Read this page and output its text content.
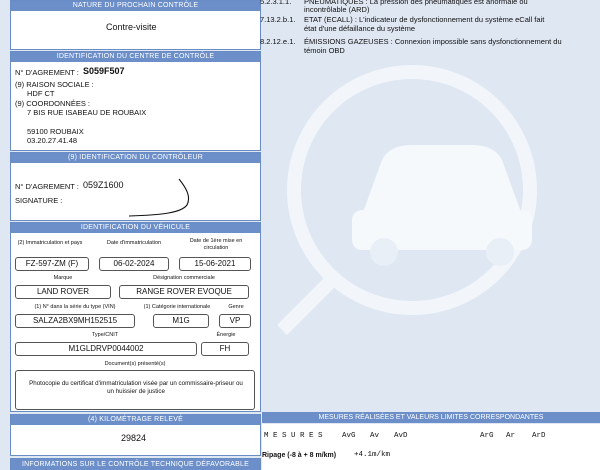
NATURE DU PROCHAIN CONTRÔLE
Contre-visite
IDENTIFICATION DU CENTRE DE CONTRÔLE
N° D'AGREMENT : S059F507
(9) RAISON SOCIALE :
HDF CT
(9) COORDONNÉES :
7 BIS RUE ISABEAU DE ROUBAIX
59100 ROUBAIX
03.20.27.41.48
(9) IDENTIFICATION DU CONTRÔLEUR
N° D'AGREMENT : 059Z1600
SIGNATURE :
IDENTIFICATION DU VÉHICULE
(2) Immatriculation et pays	Date d'immatriculation	Date de 1ère mise en circulation
FZ-597-ZM (F)	06-02-2024	15-06-2021
Marque	Désignation commerciale
LAND ROVER	RANGE ROVER EVOQUE
(1) N° dans la série du type (VIN)	(1) Catégorie internationale	Genre
SALZA2BX9MH152515	M1G	VP
Type/CNIT	Énergie
M1GLDRVP0044002	FH
Document(s) présenté(s)
Photocopie du certificat d'immatriculation visée par un commissaire-priseur ou
un huissier de justice
(4) KILOMÉTRAGE RELEVÉ
29824
INFORMATIONS SUR LE CONTRÔLE TECHNIQUE DÉFAVORABLE
5.2.3.1.1. PNEUMATIQUES : La pression des pneumatiques est anormale ou
incontrôlable (ARD)
7.13.2.b.1. ETAT (ECALL) : L'indicateur de dysfonctionnement du système eCall fait
état d'une défaillance du système
8.2.12.e.1. ÉMISSIONS GAZEUSES : Connexion impossible sans dysfonctionnement du
témoin OBD
MESURES RÉALISÉES ET VALEURS LIMITES CORRESPONDANTES
M E S U R E S	AvG Av AvD	ArG Ar ArD
Ripage (-8 à + 8 m/km) +4.1m/km
